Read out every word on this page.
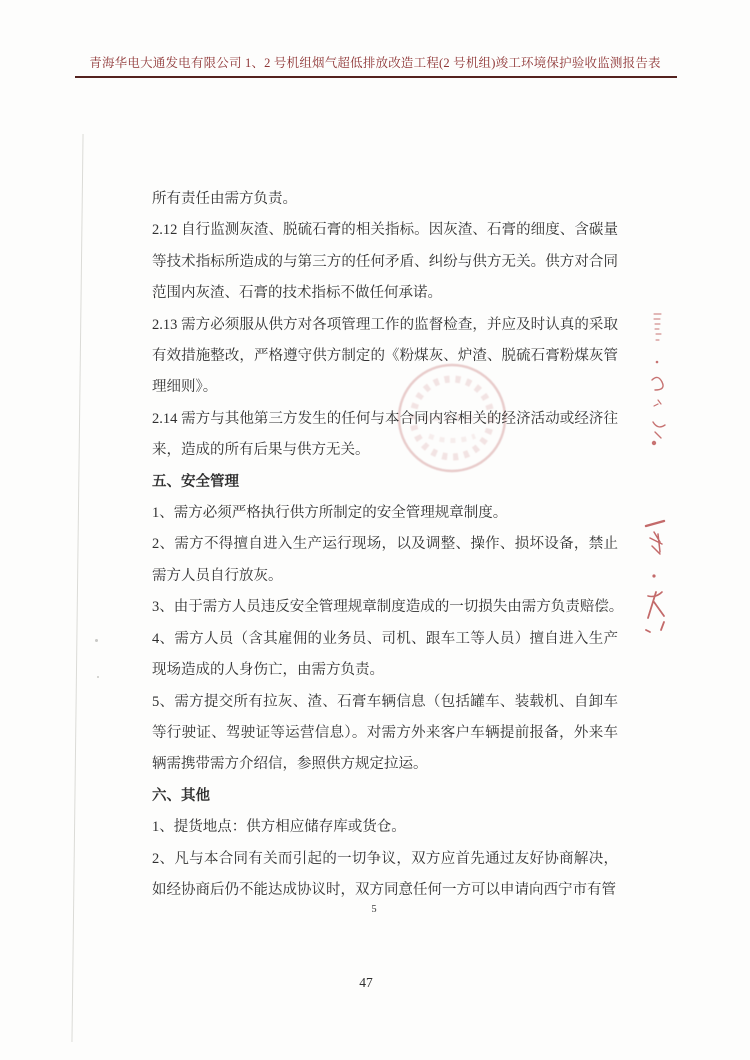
青海华电大通发电有限公司 1、2 号机组烟气超低排放改造工程(2 号机组)竣工环境保护验收监测报告表

所有责任由需方负责。

2.12 自行监测灰渣、脱硫石膏的相关指标。因灰渣、石膏的细度、含碳量等技术指标所造成的与第三方的任何矛盾、纠纷与供方无关。供方对合同范围内灰渣、石膏的技术指标不做任何承诺。

2.13 需方必须服从供方对各项管理工作的监督检查，并应及时认真的采取有效措施整改，严格遵守供方制定的《粉煤灰、炉渣、脱硫石膏粉煤灰管理细则》。

2.14 需方与其他第三方发生的任何与本合同内容相关的经济活动或经济往来，造成的所有后果与供方无关。

五、安全管理

1、需方必须严格执行供方所制定的安全管理规章制度。

2、需方不得擅自进入生产运行现场，以及调整、操作、损坏设备，禁止需方人员自行放灰。

3、由于需方人员违反安全管理规章制度造成的一切损失由需方负责赔偿。

4、需方人员（含其雇佣的业务员、司机、跟车工等人员）擅自进入生产现场造成的人身伤亡，由需方负责。

5、需方提交所有拉灰、渣、石膏车辆信息（包括罐车、装载机、自卸车等行驶证、驾驶证等运营信息）。对需方外来客户车辆提前报备，外来车辆需携带需方介绍信，参照供方规定拉运。

六、其他

1、提货地点：供方相应储存库或货仓。

2、凡与本合同有关而引起的一切争议，双方应首先通过友好协商解决，如经协商后仍不能达成协议时，双方同意任何一方可以申请向西宁市有管

5
47
